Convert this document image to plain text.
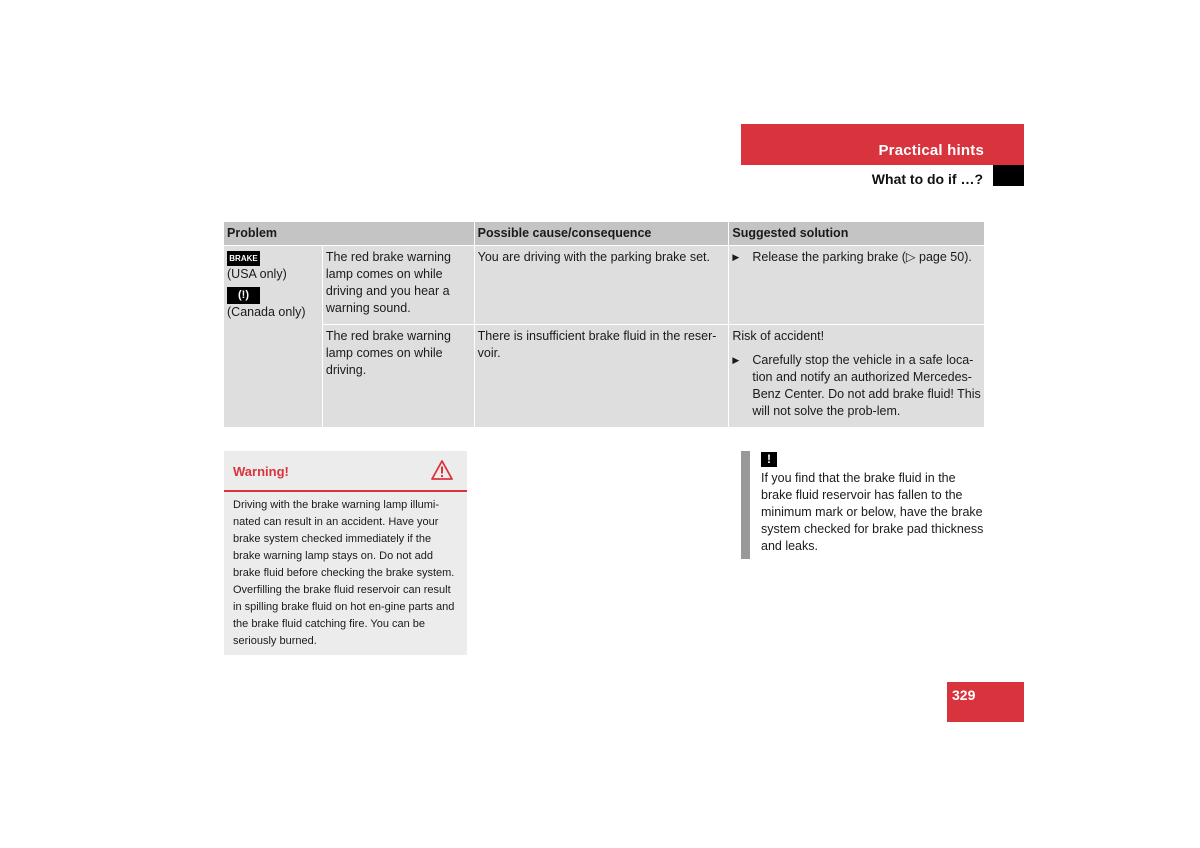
Practical hints
What to do if …?
Problem		Possible cause/consequence	Suggested solution
BRAKE
(USA only)
(!)
(Canada only)	The red brake warning lamp comes on while driving and you hear a warning sound.	You are driving with the parking brake set.	▶ Release the parking brake (▷ page 50).

	The red brake warning lamp comes on while driving.	There is insufficient brake fluid in the reser-voir.	Risk of accident!
▶ Carefully stop the vehicle in a safe loca-tion and notify an authorized Mercedes-Benz Center. Do not add brake fluid! This will not solve the prob-lem.
Warning!
Driving with the brake warning lamp illumi-nated can result in an accident. Have your brake system checked immediately if the brake warning lamp stays on. Do not add brake fluid before checking the brake system. Overfilling the brake fluid reservoir can result in spilling brake fluid on hot en-gine parts and the brake fluid catching fire. You can be seriously burned.
!
If you find that the brake fluid in the brake fluid reservoir has fallen to the minimum mark or below, have the brake system checked for brake pad thickness and leaks.
329
